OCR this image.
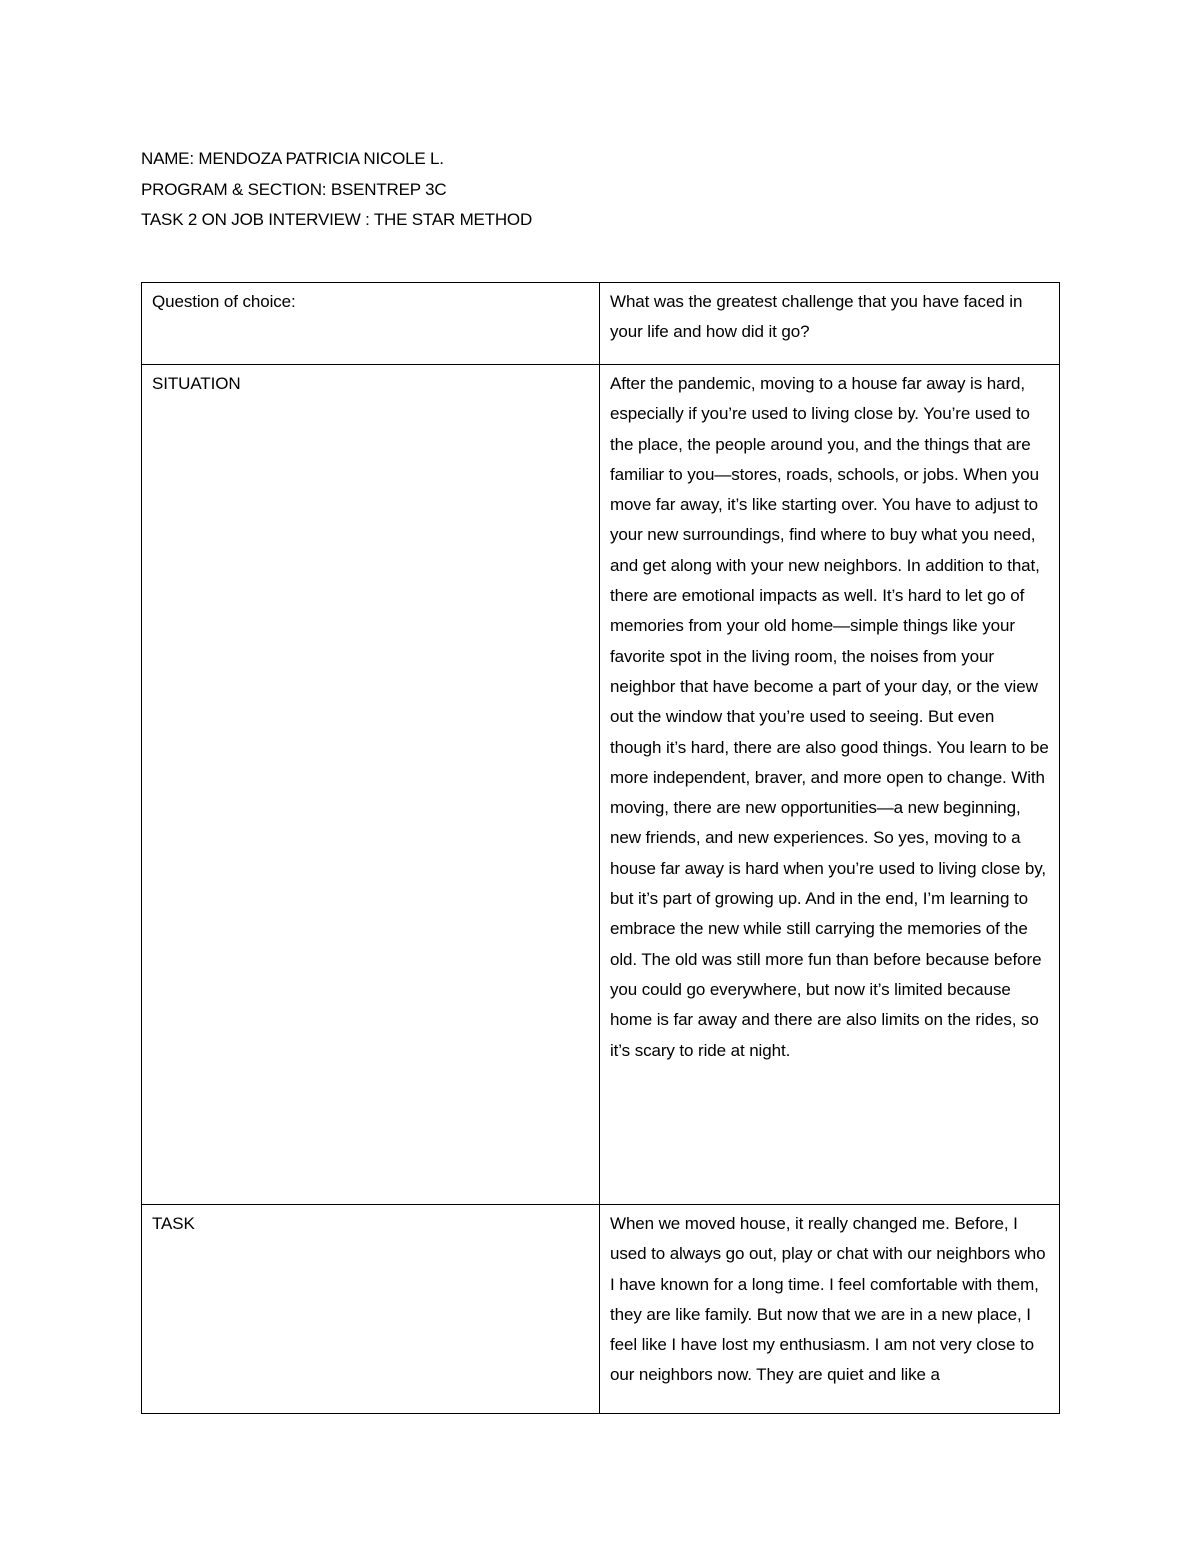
NAME: MENDOZA PATRICIA NICOLE L.
PROGRAM & SECTION: BSENTREP 3C
TASK 2 ON JOB INTERVIEW : THE STAR METHOD
Question of choice:	What was the greatest challenge that you have faced in your life and how did it go?

SITUATION	After the pandemic, moving to a house far away is hard, especially if you’re used to living close by. You’re used to the place, the people around you, and the things that are familiar to you—stores, roads, schools, or jobs. When you move far away, it’s like starting over. You have to adjust to your new surroundings, find where to buy what you need, and get along with your new neighbors. In addition to that, there are emotional impacts as well. It’s hard to let go of memories from your old home—simple things like your favorite spot in the living room, the noises from your neighbor that have become a part of your day, or the view out the window that you’re used to seeing. But even though it’s hard, there are also good things. You learn to be more independent, braver, and more open to change. With moving, there are new opportunities—a new beginning, new friends, and new experiences. So yes, moving to a house far away is hard when you’re used to living close by, but it’s part of growing up. And in the end, I’m learning to embrace the new while still carrying the memories of the old. The old was still more fun than before because before you could go everywhere, but now it’s limited because home is far away and there are also limits on the rides, so it’s scary to ride at night.

TASK	When we moved house, it really changed me. Before, I used to always go out, play or chat with our neighbors who I have known for a long time. I feel comfortable with them, they are like family. But now that we are in a new place, I feel like I have lost my enthusiasm. I am not very close to our neighbors now. They are quiet and like a
